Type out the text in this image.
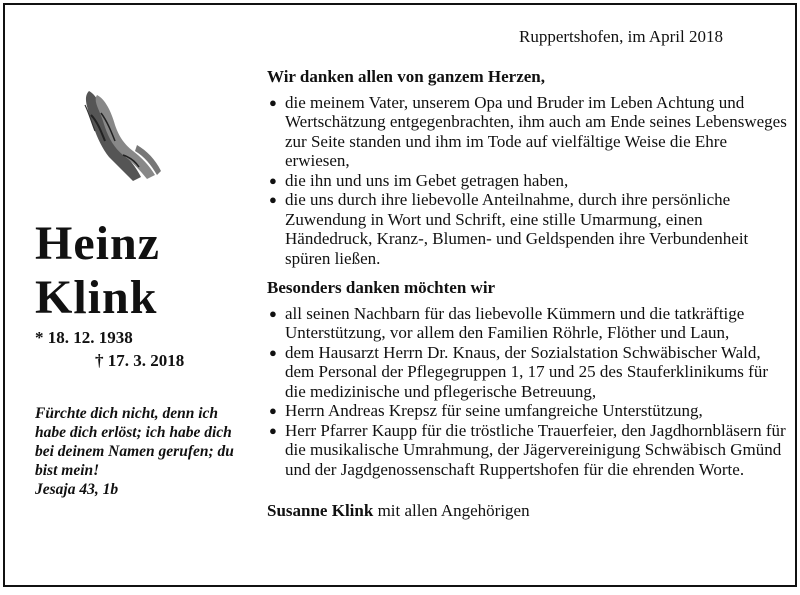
Heinz
Klink
* 18. 12. 1938
† 17. 3. 2018
Fürchte dich nicht, denn ich habe dich erlöst; ich habe dich bei deinem Namen gerufen; du bist mein!
Jesaja 43, 1b
Ruppertshofen, im April 2018
Wir danken allen von ganzem Herzen,
● die meinem Vater, unserem Opa und Bruder im Leben Achtung und Wertschätzung entgegenbrachten, ihm auch am Ende seines Lebensweges zur Seite standen und ihm im Tode auf vielfältige Weise die Ehre erwiesen,
● die ihn und uns im Gebet getragen haben,
● die uns durch ihre liebevolle Anteilnahme, durch ihre persönliche Zuwendung in Wort und Schrift, eine stille Umarmung, einen Händedruck, Kranz-, Blumen- und Geldspenden ihre Verbundenheit spüren ließen.
Besonders danken möchten wir
● all seinen Nachbarn für das liebevolle Kümmern und die tatkräftige Unterstützung, vor allem den Familien Röhrle, Flöther und Laun,
● dem Hausarzt Herrn Dr. Knaus, der Sozialstation Schwäbischer Wald, dem Personal der Pflegegruppen 1, 17 und 25 des Stauferklinikums für die medizinische und pflegerische Betreuung,
● Herrn Andreas Krepsz für seine umfangreiche Unterstützung,
● Herr Pfarrer Kaupp für die tröstliche Trauerfeier, den Jagdhornbläsern für die musikalische Umrahmung, der Jägervereinigung Schwäbisch Gmünd und der Jagdgenossenschaft Ruppertshofen für die ehrenden Worte.
Susanne Klink mit allen Angehörigen
